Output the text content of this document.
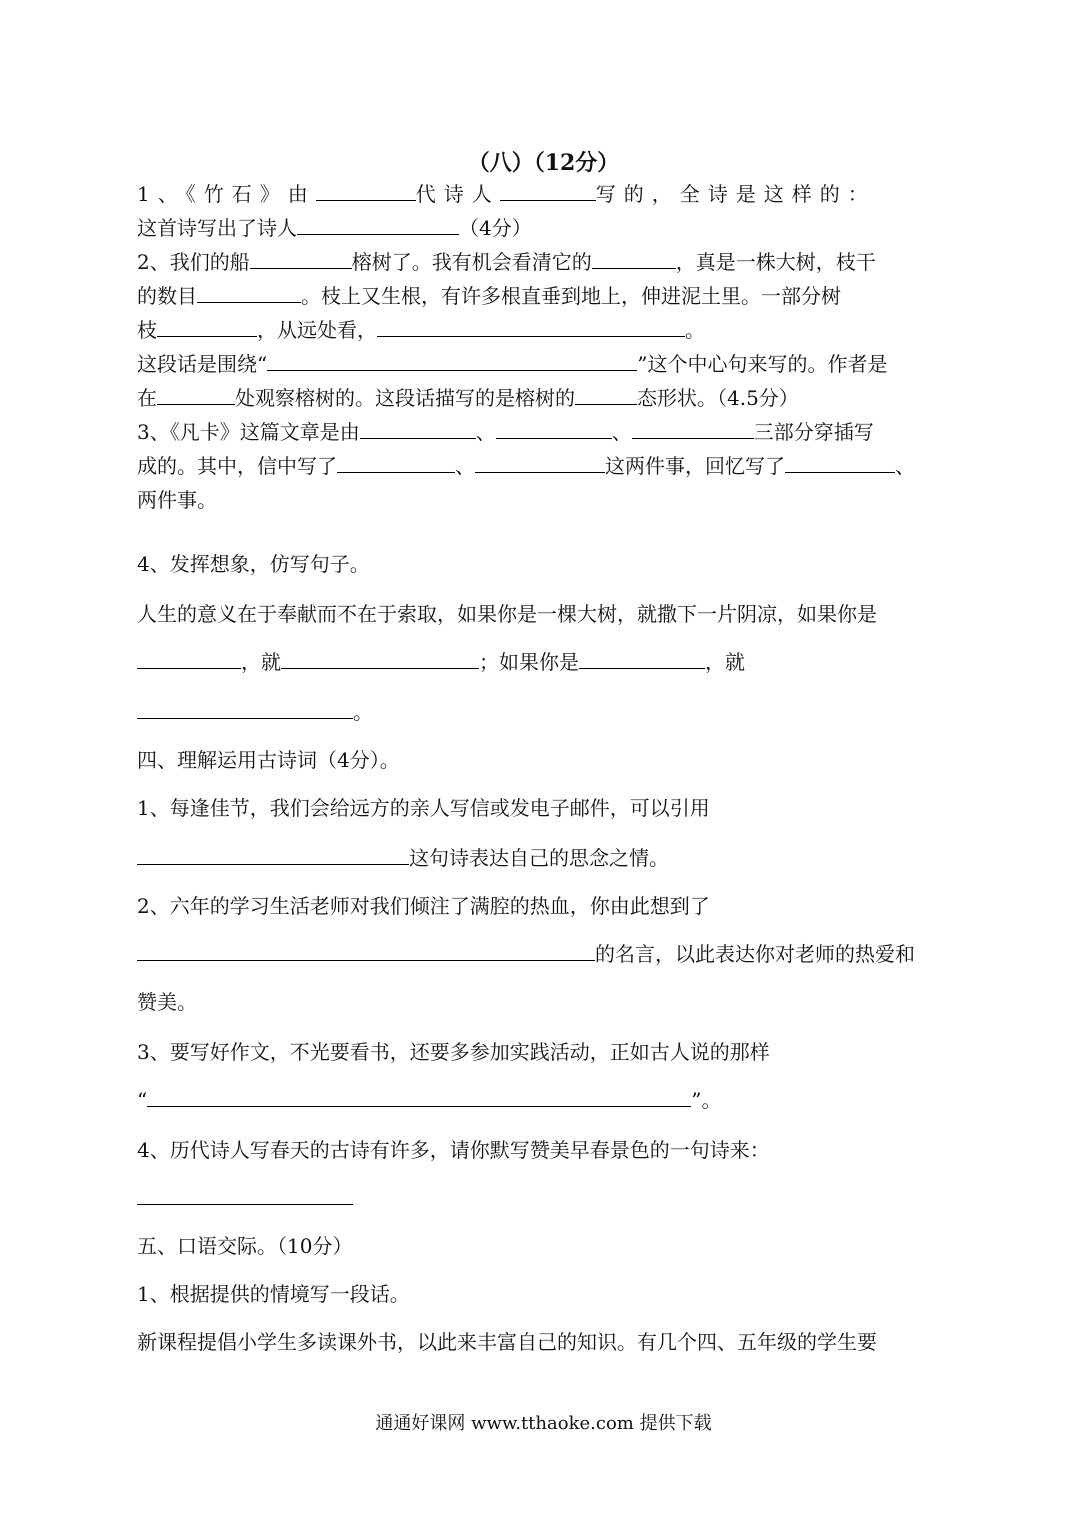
（八）（12分）
1、《竹石》由	代诗人	写的，全诗是这样的：
这首诗写出了诗人	（4分）
2、我们的船	榕树了。我有机会看清它的	，真是一株大树，枝干
的数目	。枝上又生根，有许多根直垂到地上，伸进泥土里。一部分树
枝	，从远处看，	。
这段话是围绕“	”这个中心句来写的。作者是
在	处观察榕树的。这段话描写的是榕树的	态形状。（4.5分）
3、《凡卡》这篇文章是由	、	、	三部分穿插写
成的。其中，信中写了	、	这两件事，回忆写了	、
两件事。
4、发挥想象，仿写句子。
人生的意义在于奉献而不在于索取，如果你是一棵大树，就撒下一片阴凉，如果你是
，就	；如果你是	，就
。
四、理解运用古诗词（4分）。
1、每逢佳节，我们会给远方的亲人写信或发电子邮件，可以引用
这句诗表达自己的思念之情。
2、六年的学习生活老师对我们倾注了满腔的热血，你由此想到了
的名言，以此表达你对老师的热爱和
赞美。
3、要写好作文，不光要看书，还要多参加实践活动，正如古人说的那样
“	”。
4、历代诗人写春天的古诗有许多，请你默写赞美早春景色的一句诗来：
五、口语交际。（10分）
1、根据提供的情境写一段话。
新课程提倡小学生多读课外书，以此来丰富自己的知识。有几个四、五年级的学生要
通通好课网 www.tthaoke.com 提供下载
